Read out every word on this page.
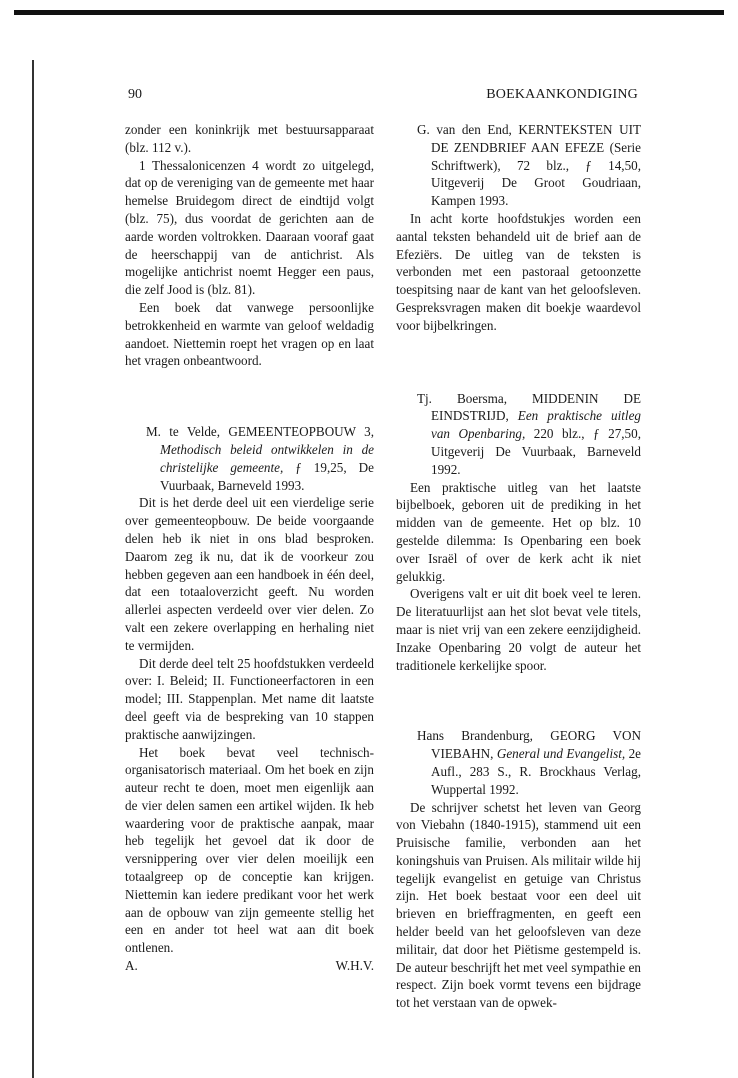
90	BOEKAANKONDIGING

zonder een koninkrijk met bestuursapparaat (blz. 112 v.).

1 Thessalonicenzen 4 wordt zo uitgelegd, dat op de vereniging van de gemeente met haar hemelse Bruidegom direct de eindtijd volgt (blz. 75), dus voordat de gerichten aan de aarde worden voltrokken. Daaraan vooraf gaat de heerschappij van de antichrist. Als mogelijke antichrist noemt Hegger een paus, die zelf Jood is (blz. 81).

Een boek dat vanwege persoonlijke betrokkenheid en warmte van geloof weldadig aandoet. Niettemin roept het vragen op en laat het vragen onbeantwoord.

M. te Velde, GEMEENTEOPBOUW 3, Methodisch beleid ontwikkelen in de christelijke gemeente, ƒ 19,25, De Vuurbaak, Barneveld 1993.

Dit is het derde deel uit een vierdelige serie over gemeenteopbouw. De beide voorgaande delen heb ik niet in ons blad besproken. Daarom zeg ik nu, dat ik de voorkeur zou hebben gegeven aan een handboek in één deel, dat een totaaloverzicht geeft. Nu worden allerlei aspecten verdeeld over vier delen. Zo valt een zekere overlapping en herhaling niet te vermijden.

Dit derde deel telt 25 hoofdstukken verdeeld over: I. Beleid; II. Functioneerfactoren in een model; III. Stappenplan. Met name dit laatste deel geeft via de bespreking van 10 stappen praktische aanwijzingen.

Het boek bevat veel technisch-organisatorisch materiaal. Om het boek en zijn auteur recht te doen, moet men eigenlijk aan de vier delen samen een artikel wijden. Ik heb waardering voor de praktische aanpak, maar heb tegelijk het gevoel dat ik door de versnippering over vier delen moeilijk een totaalgreep op de conceptie kan krijgen. Niettemin kan iedere predikant voor het werk aan de opbouw van zijn gemeente stellig het een en ander tot heel wat aan dit boek ontlenen.

A.	W.H.V.

G. van den End, KERNTEKSTEN UIT DE ZENDBRIEF AAN EFEZE (Serie Schriftwerk), 72 blz., ƒ 14,50, Uitgeverij De Groot Goudriaan, Kampen 1993.

In acht korte hoofdstukjes worden een aantal teksten behandeld uit de brief aan de Efeziërs. De uitleg van de teksten is verbonden met een pastoraal getoonzette toespitsing naar de kant van het geloofsleven. Gespreksvragen maken dit boekje waardevol voor bijbelkringen.

Tj. Boersma, MIDDENIN DE EINDSTRIJD, Een praktische uitleg van Openbaring, 220 blz., ƒ 27,50, Uitgeverij De Vuurbaak, Barneveld 1992.

Een praktische uitleg van het laatste bijbelboek, geboren uit de prediking in het midden van de gemeente. Het op blz. 10 gestelde dilemma: Is Openbaring een boek over Israël of over de kerk acht ik niet gelukkig.

Overigens valt er uit dit boek veel te leren. De literatuurlijst aan het slot bevat vele titels, maar is niet vrij van een zekere eenzijdigheid. Inzake Openbaring 20 volgt de auteur het traditionele kerkelijke spoor.

Hans Brandenburg, GEORG VON VIEBAHN, General und Evangelist, 2e Aufl., 283 S., R. Brockhaus Verlag, Wuppertal 1992.

De schrijver schetst het leven van Georg von Viebahn (1840-1915), stammend uit een Pruisische familie, verbonden aan het koningshuis van Pruisen. Als militair wilde hij tegelijk evangelist en getuige van Christus zijn. Het boek bestaat voor een deel uit brieven en brieffragmenten, en geeft een helder beeld van het geloofsleven van deze militair, dat door het Piëtisme gestempeld is. De auteur beschrijft het met veel sympathie en respect. Zijn boek vormt tevens een bijdrage tot het verstaan van de opwek-
